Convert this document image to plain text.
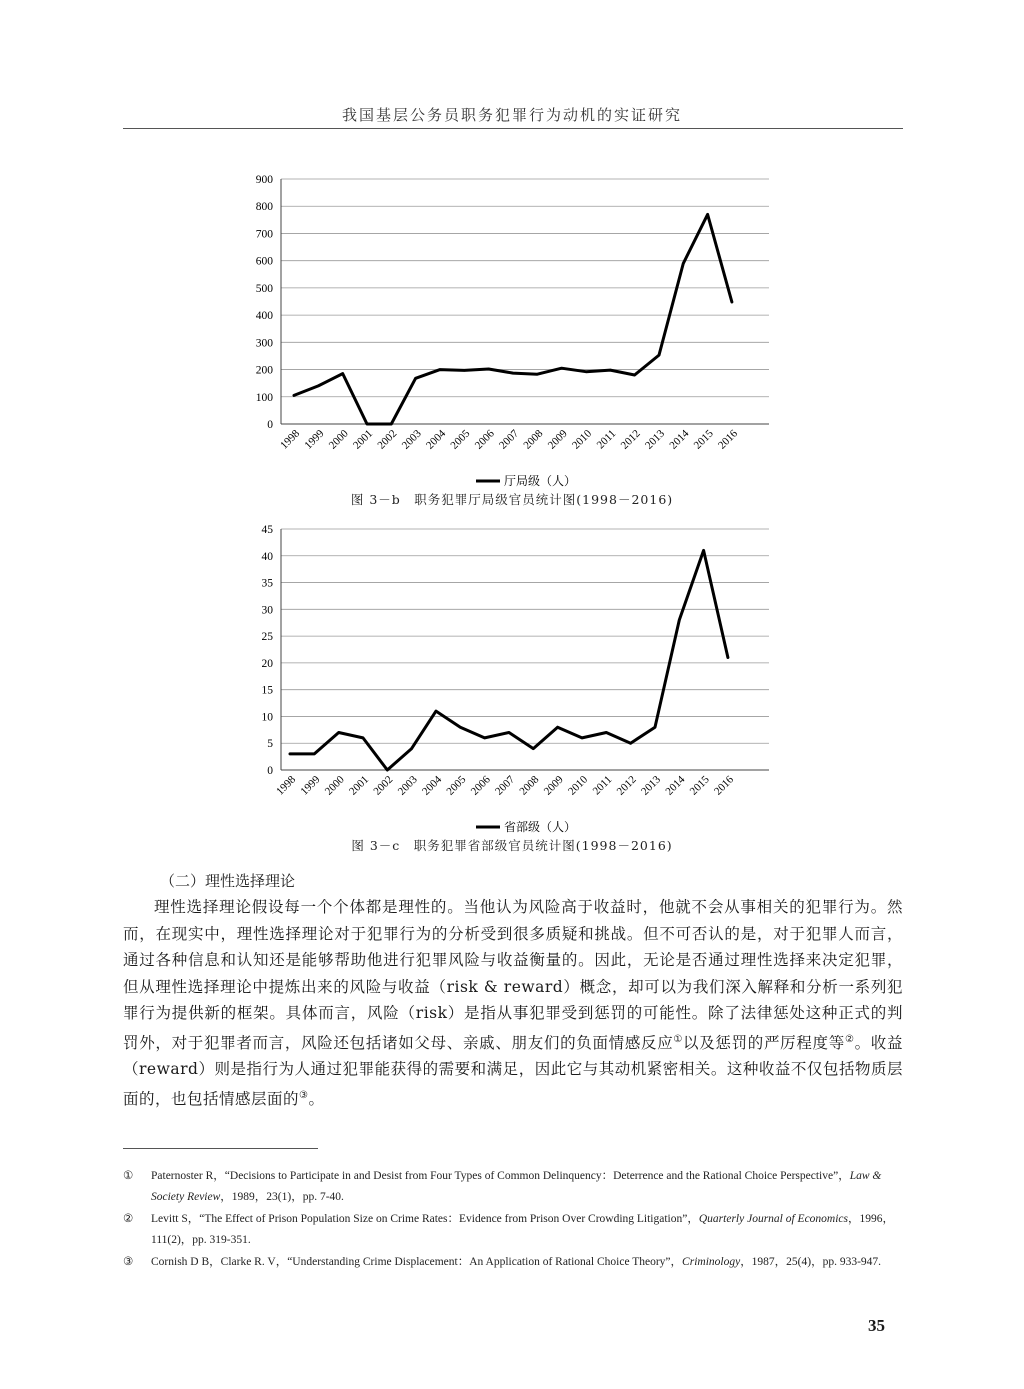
我国基层公务员职务犯罪行为动机的实证研究
0
100
200
300
400
500
600
700
800
900
1998 1999 2000 2001 2002 2003 2004 2005 2006 2007 2008 2009 2010 2011 2012 2013 2014 2015 2016
厅局级（人）
图 3－b　职务犯罪厅局级官员统计图(1998－2016)
0
5
10
15
20
25
30
35
40
45
1998 1999 2000 2001 2002 2003 2004 2005 2006 2007 2008 2009 2010 2011 2012 2013 2014 2015 2016
省部级（人）
图 3－c　职务犯罪省部级官员统计图(1998－2016)
（二）理性选择理论
理性选择理论假设每一个个体都是理性的。当他认为风险高于收益时，他就不会从事相关的犯罪行为。然而，在现实中，理性选择理论对于犯罪行为的分析受到很多质疑和挑战。但不可否认的是，对于犯罪人而言，通过各种信息和认知还是能够帮助他进行犯罪风险与收益衡量的。因此，无论是否通过理性选择来决定犯罪，但从理性选择理论中提炼出来的风险与收益（risk & reward）概念，却可以为我们深入解释和分析一系列犯罪行为提供新的框架。具体而言，风险（risk）是指从事犯罪受到惩罚的可能性。除了法律惩处这种正式的判罚外，对于犯罪者而言，风险还包括诸如父母、亲戚、朋友们的负面情感反应①以及惩罚的严厉程度等②。收益（reward）则是指行为人通过犯罪能获得的需要和满足，因此它与其动机紧密相关。这种收益不仅包括物质层面的，也包括情感层面的③。
① Paternoster R，“Decisions to Participate in and Desist from Four Types of Common Delinquency：Deterrence and the Rational Choice Perspective”，Law & Society Review，1989，23(1)，pp. 7-40.
② Levitt S，“The Effect of Prison Population Size on Crime Rates：Evidence from Prison Over Crowding Litigation”，Quarterly Journal of Economics，1996，111(2)，pp. 319-351.
③ Cornish D B，Clarke R. V，“Understanding Crime Displacement：An Application of Rational Choice Theory”，Criminology，1987，25(4)，pp. 933-947.
35
